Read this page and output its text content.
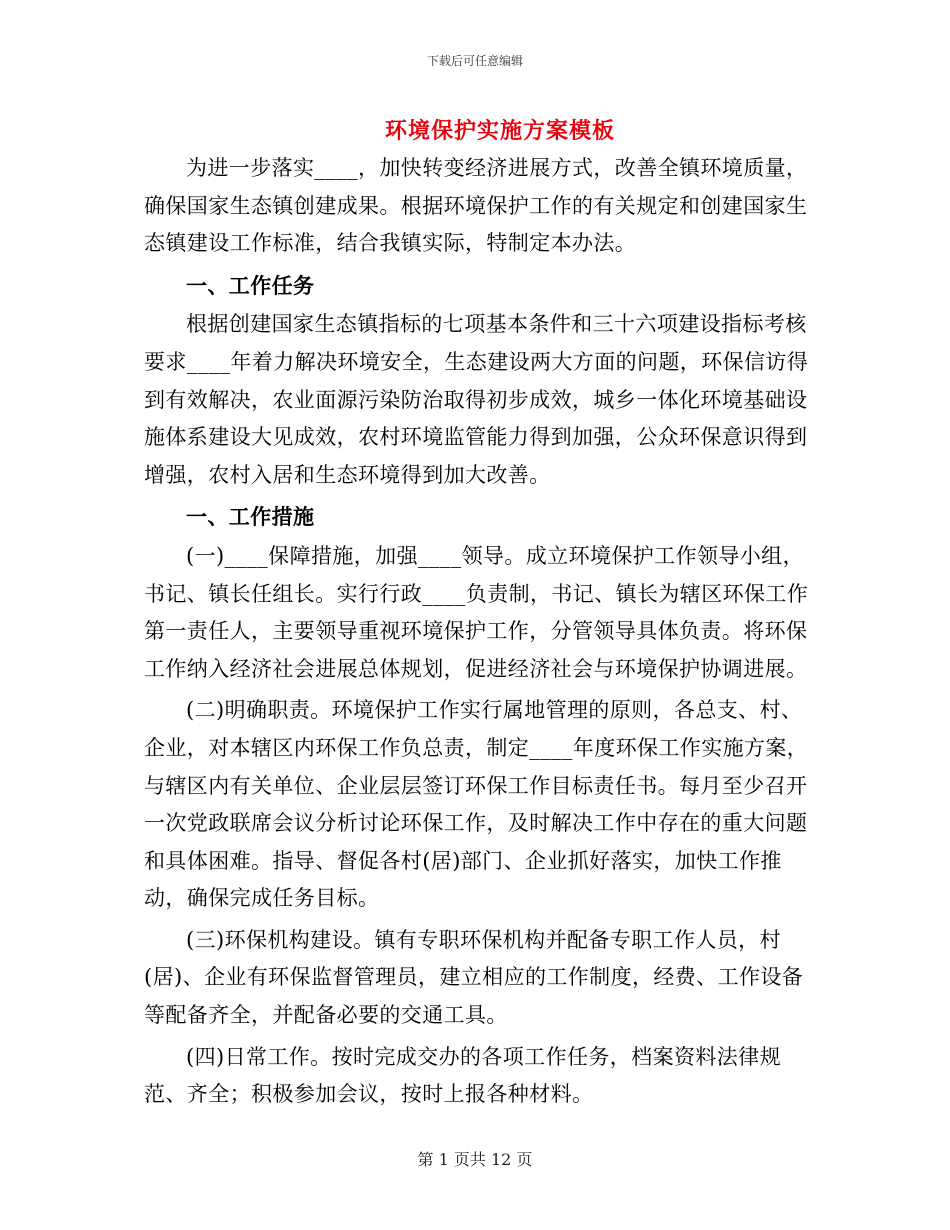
下载后可任意编辑
环境保护实施方案模板

为进一步落实____，加快转变经济进展方式，改善全镇环境质量，确保国家生态镇创建成果。根据环境保护工作的有关规定和创建国家生态镇建设工作标准，结合我镇实际，特制定本办法。

一、工作任务

根据创建国家生态镇指标的七项基本条件和三十六项建设指标考核要求____年着力解决环境安全，生态建设两大方面的问题，环保信访得到有效解决，农业面源污染防治取得初步成效，城乡一体化环境基础设施体系建设大见成效，农村环境监管能力得到加强，公众环保意识得到增强，农村入居和生态环境得到加大改善。

一、工作措施

(一)____保障措施，加强____领导。成立环境保护工作领导小组，书记、镇长任组长。实行行政____负责制，书记、镇长为辖区环保工作第一责任人，主要领导重视环境保护工作，分管领导具体负责。将环保工作纳入经济社会进展总体规划，促进经济社会与环境保护协调进展。

(二)明确职责。环境保护工作实行属地管理的原则，各总支、村、企业，对本辖区内环保工作负总责，制定____年度环保工作实施方案，与辖区内有关单位、企业层层签订环保工作目标责任书。每月至少召开一次党政联席会议分析讨论环保工作，及时解决工作中存在的重大问题和具体困难。指导、督促各村(居)部门、企业抓好落实，加快工作推动，确保完成任务目标。

(三)环保机构建设。镇有专职环保机构并配备专职工作人员，村(居)、企业有环保监督管理员，建立相应的工作制度，经费、工作设备等配备齐全，并配备必要的交通工具。

(四)日常工作。按时完成交办的各项工作任务，档案资料法律规范、齐全；积极参加会议，按时上报各种材料。

第 1 页共 12 页
